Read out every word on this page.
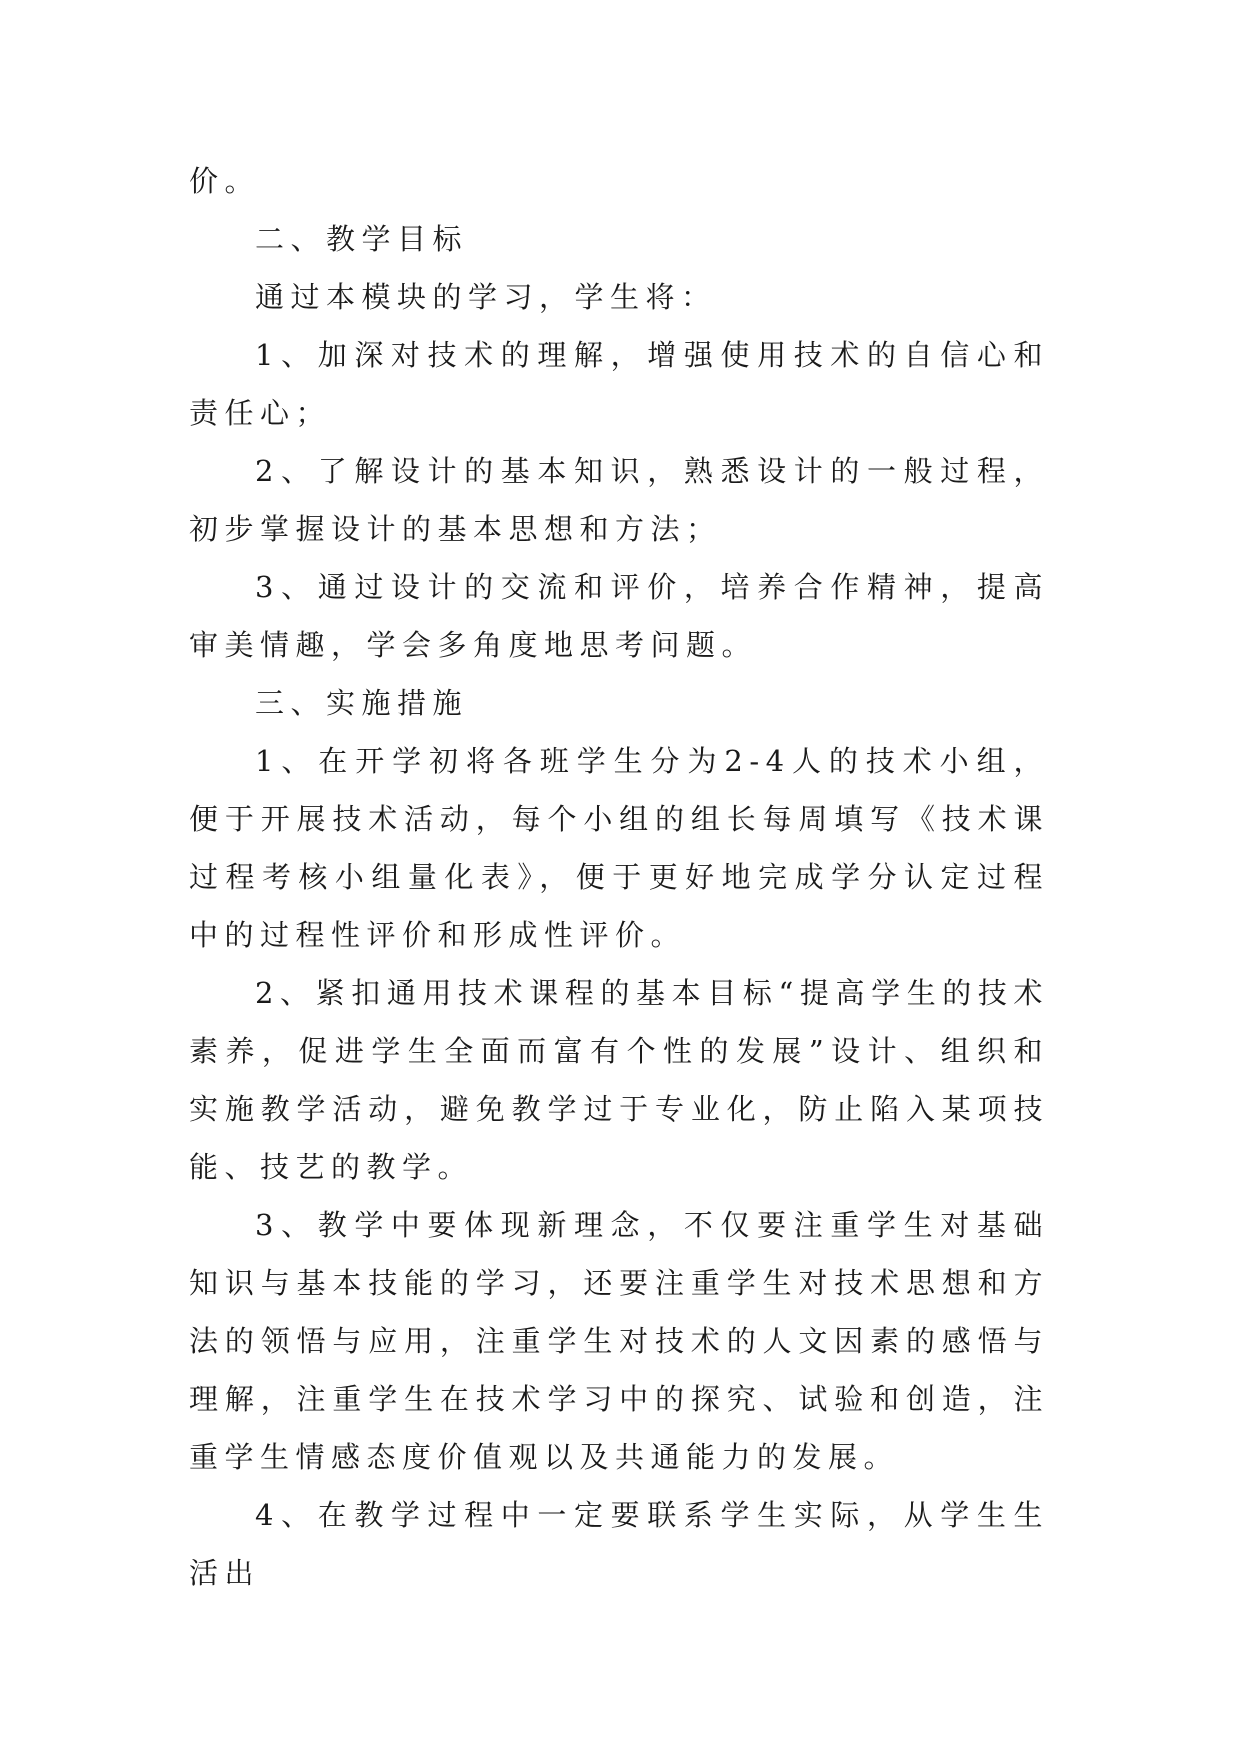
价。

二、教学目标

通过本模块的学习，学生将：

1、加深对技术的理解，增强使用技术的自信心和责任心；

2、了解设计的基本知识，熟悉设计的一般过程，初步掌握设计的基本思想和方法；

3、通过设计的交流和评价，培养合作精神，提高审美情趣，学会多角度地思考问题。

三、实施措施

1、在开学初将各班学生分为2-4人的技术小组，便于开展技术活动，每个小组的组长每周填写《技术课过程考核小组量化表》，便于更好地完成学分认定过程中的过程性评价和形成性评价。

2、紧扣通用技术课程的基本目标“提高学生的技术素养，促进学生全面而富有个性的发展”设计、组织和实施教学活动，避免教学过于专业化，防止陷入某项技能、技艺的教学。

3、教学中要体现新理念，不仅要注重学生对基础知识与基本技能的学习，还要注重学生对技术思想和方法的领悟与应用，注重学生对技术的人文因素的感悟与理解，注重学生在技术学习中的探究、试验和创造，注重学生情感态度价值观以及共通能力的发展。

4、在教学过程中一定要联系学生实际，从学生生活出
